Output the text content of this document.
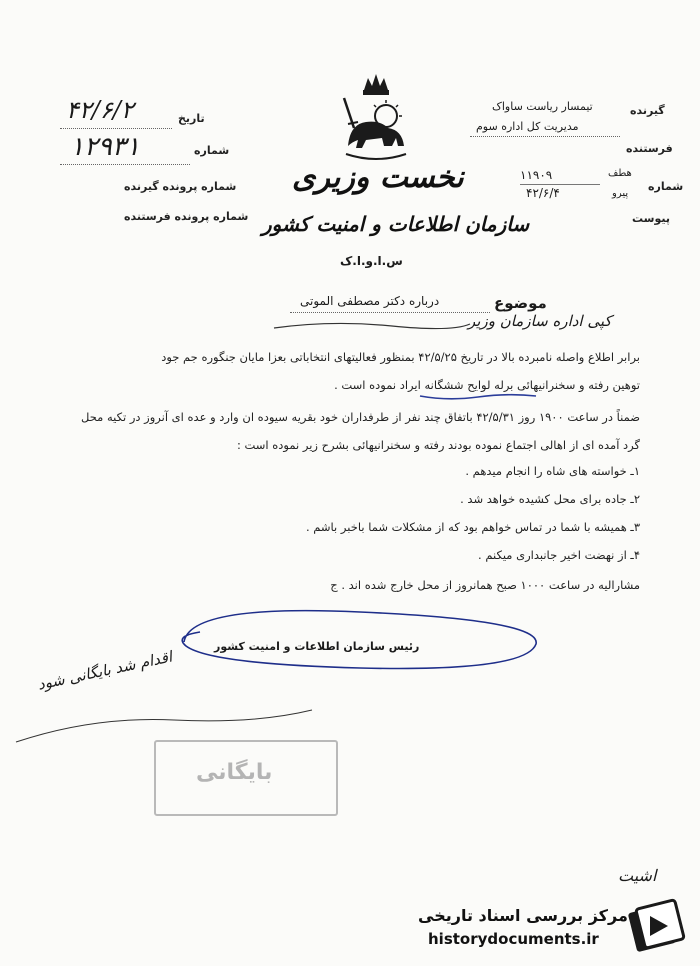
تاریخ
۴۲/۶/۲
شماره
۱۲۹۳۱
شماره پرونده گیرنده
شماره پرونده فرستنده
نخست وزیری
سازمان اطلاعات و امنیت کشور
س.ا.و.ا.ک
گیرنده
تیمسار ریاست ساواک
مدیریت کل اداره سوم
فرستنده
شماره
هطف
۱۱۹۰۹
پیرو
۴۲/۶/۴
پیوست
موضوع
درباره دکتر مصطفی الموتی
کپی اداره سازمان وزیر
برابر اطلاع واصله نامبرده بالا در تاریخ ۴۲/۵/۲۵ بمنظور فعالیتهای انتخاباتی بعزا مایان جنگوره جم جود
توهین رفته و سخنرانیهائی برله لوایح ششگانه ایراد نموده است .
ضمناً در ساعت ۱۹۰۰ روز ۴۲/۵/۳۱ باتفاق چند نفر از طرفداران خود بقریه سیوده ان وارد و عده ای آنروز در تکیه محل
گرد آمده ای از اهالی اجتماع نموده بودند رفته و سخنرانیهائی بشرح زیر نموده است :
۱ـ خواسته های شاه را انجام میدهم .
۲ـ جاده برای محل کشیده خواهد شد .
۳ـ همیشه با شما در تماس خواهم بود که از مشکلات شما باخبر باشم .
۴ـ از نهضت اخیر جانبداری میکنم .
مشارالیه در ساعت ۱۰۰۰ صبح همانروز از محل خارج شده اند . ج
رئیس سازمان اطلاعات و امنیت کشور
اقدام شد بایگانی شود
بایگانی
اشیت
مرکز بررسی اسناد تاریخی
historydocuments.ir
